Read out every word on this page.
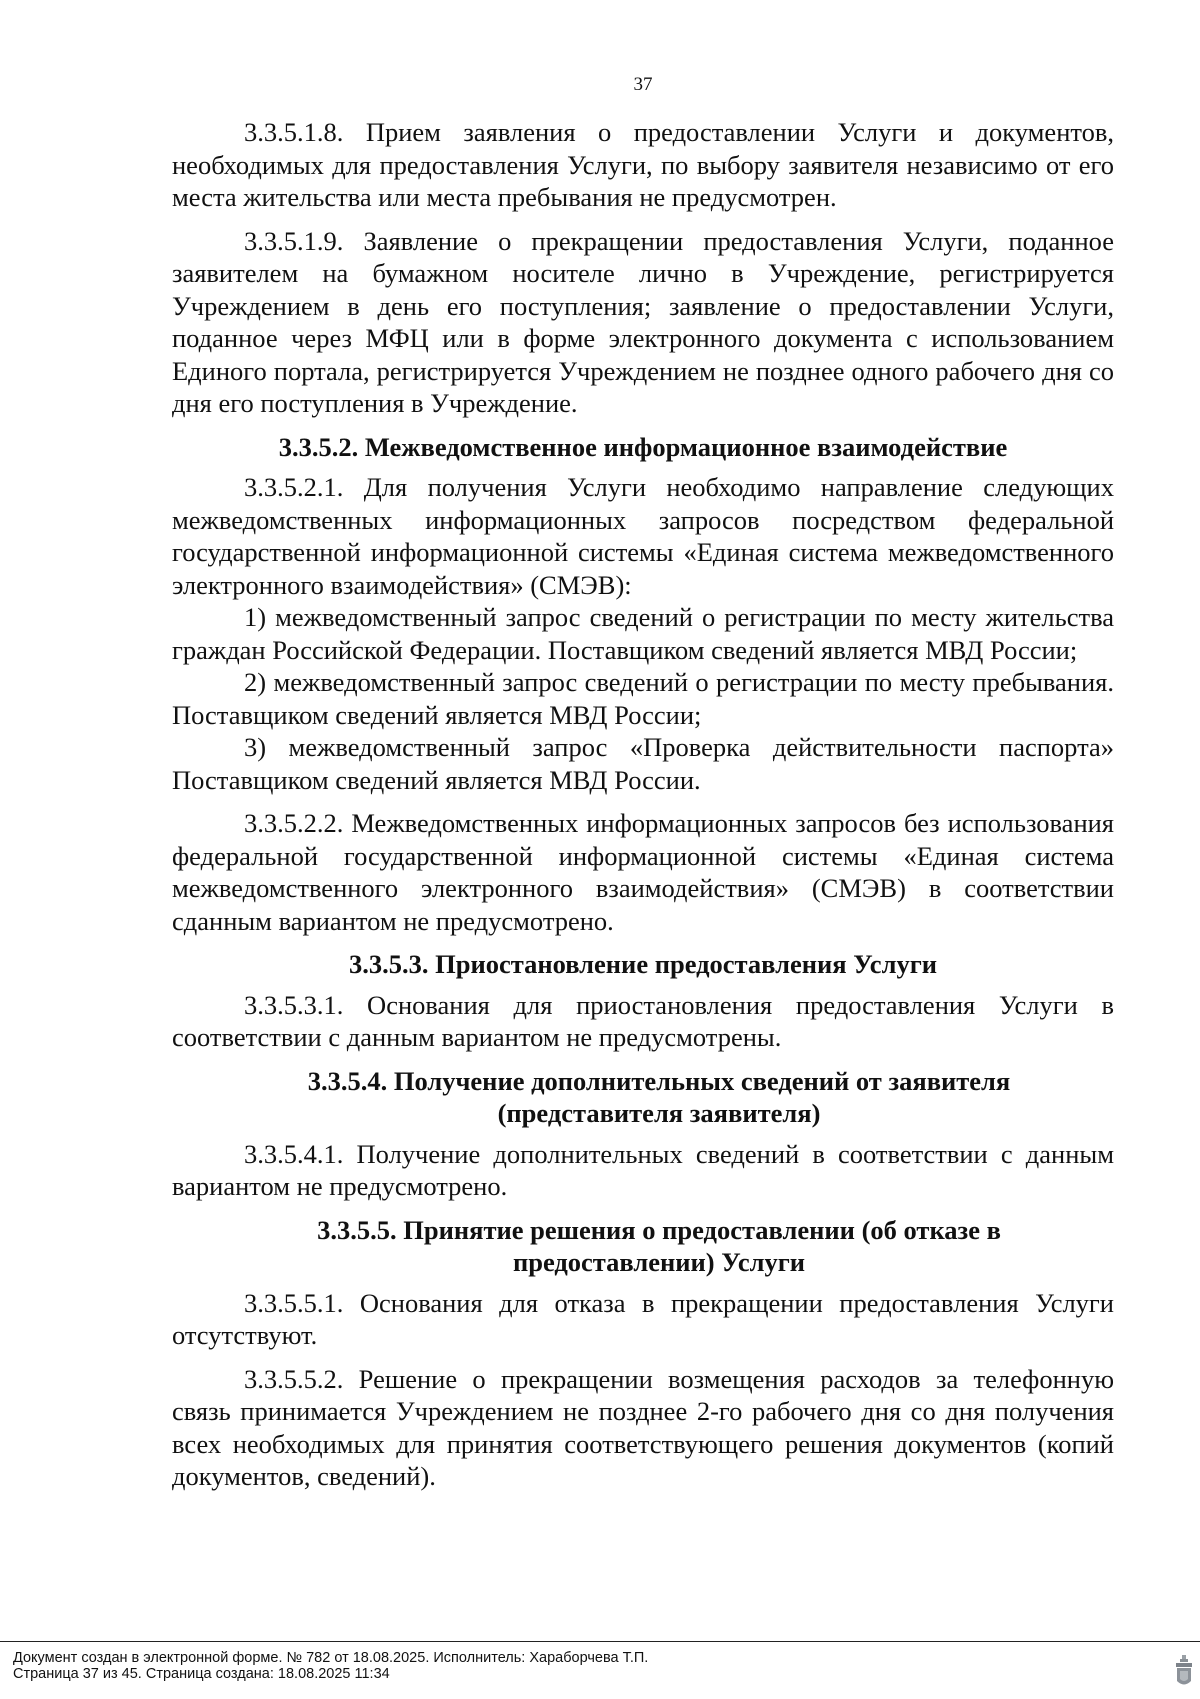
37
3.3.5.1.8. Прием заявления о предоставлении Услуги и документов, необходимых для предоставления Услуги, по выбору заявителя независимо от его места жительства или места пребывания не предусмотрен.
3.3.5.1.9. Заявление о прекращении предоставления Услуги, поданное заявителем на бумажном носителе лично в Учреждение, регистрируется Учреждением в день его поступления; заявление о предоставлении Услуги, поданное через МФЦ или в форме электронного документа с использованием Единого портала, регистрируется Учреждением не позднее одного рабочего дня со дня его поступления в Учреждение.
3.3.5.2. Межведомственное информационное взаимодействие
3.3.5.2.1. Для получения Услуги необходимо направление следующих межведомственных информационных запросов посредством федеральной государственной информационной системы «Единая система межведомственного электронного взаимодействия» (СМЭВ):
1) межведомственный запрос сведений о регистрации по месту жительства граждан Российской Федерации. Поставщиком сведений является МВД России;
2) межведомственный запрос сведений о регистрации по месту пребывания. Поставщиком сведений является МВД России;
3) межведомственный запрос «Проверка действительности паспорта» Поставщиком сведений является МВД России.
3.3.5.2.2. Межведомственных информационных запросов без использования федеральной государственной информационной системы «Единая система межведомственного электронного взаимодействия» (СМЭВ) в соответствии сданным вариантом не предусмотрено.
3.3.5.3. Приостановление предоставления Услуги
3.3.5.3.1. Основания для приостановления предоставления Услуги в соответствии с данным вариантом не предусмотрены.
3.3.5.4. Получение дополнительных сведений от заявителя
(представителя заявителя)
3.3.5.4.1. Получение дополнительных сведений в соответствии с данным вариантом не предусмотрено.
3.3.5.5. Принятие решения о предоставлении (об отказе в
предоставлении) Услуги
3.3.5.5.1. Основания для отказа в прекращении предоставления Услуги отсутствуют.
3.3.5.5.2. Решение о прекращении возмещения расходов за телефонную связь принимается Учреждением не позднее 2-го рабочего дня со дня получения всех необходимых для принятия соответствующего решения документов (копий документов, сведений).
Документ создан в электронной форме. № 782 от 18.08.2025. Исполнитель: Хараборчева Т.П.
Страница 37 из 45. Страница создана: 18.08.2025 11:34
